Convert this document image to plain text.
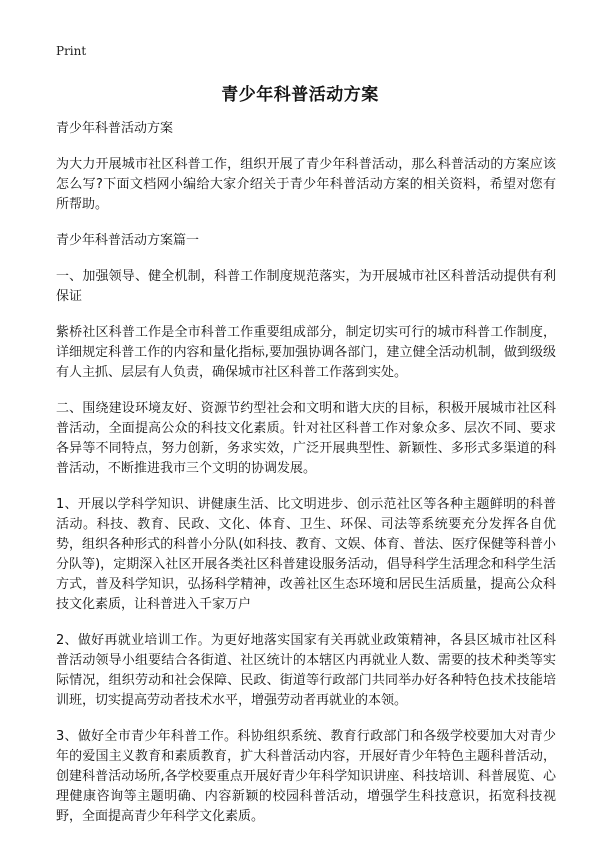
Print
青少年科普活动方案

青少年科普活动方案

为大力开展城市社区科普工作，组织开展了青少年科普活动，那么科普活动的方案应该怎么写?下面文档网小编给大家介绍关于青少年科普活动方案的相关资料，希望对您有所帮助。

青少年科普活动方案篇一

一、加强领导、健全机制，科普工作制度规范落实，为开展城市社区科普活动提供有利保证

紫桥社区科普工作是全市科普工作重要组成部分，制定切实可行的城市科普工作制度，详细规定科普工作的内容和量化指标,要加强协调各部门，建立健全活动机制，做到级级有人主抓、层层有人负责，确保城市社区科普工作落到实处。

二、围绕建设环境友好、资源节约型社会和文明和谐大庆的目标，积极开展城市社区科普活动，全面提高公众的科技文化素质。针对社区科普工作对象众多、层次不同、要求各异等不同特点，努力创新，务求实效，广泛开展典型性、新颖性、多形式多渠道的科普活动，不断推进我市三个文明的协调发展。

1、开展以学科学知识、讲健康生活、比文明进步、创示范社区等各种主题鲜明的科普活动。科技、教育、民政、文化、体育、卫生、环保、司法等系统要充分发挥各自优势，组织各种形式的科普小分队(如科技、教育、文娱、体育、普法、医疗保健等科普小分队等)，定期深入社区开展各类社区科普建设服务活动，倡导科学生活理念和科学生活方式，普及科学知识，弘扬科学精神，改善社区生态环境和居民生活质量，提高公众科技文化素质，让科普进入千家万户

2、做好再就业培训工作。为更好地落实国家有关再就业政策精神，各县区城市社区科普活动领导小组要结合各街道、社区统计的本辖区内再就业人数、需要的技术种类等实际情况，组织劳动和社会保障、民政、街道等行政部门共同举办好各种特色技术技能培训班，切实提高劳动者技术水平，增强劳动者再就业的本领。

3、做好全市青少年科普工作。科协组织系统、教育行政部门和各级学校要加大对青少年的爱国主义教育和素质教育，扩大科普活动内容，开展好青少年特色主题科普活动，创建科普活动场所,各学校要重点开展好青少年科学知识讲座、科技培训、科普展览、心理健康咨询等主题明确、内容新颖的校园科普活动，增强学生科技意识，拓宽科技视野，全面提高青少年科学文化素质。
